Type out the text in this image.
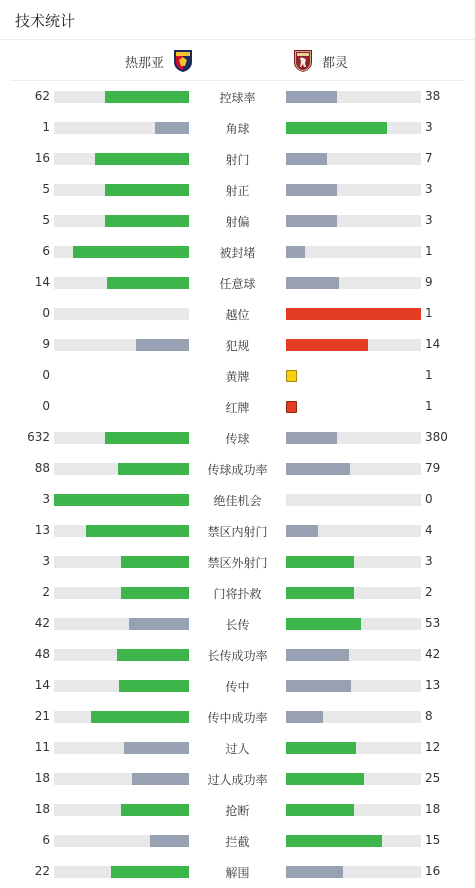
技术统计
热那亚	都灵
62	控球率	38
1	角球	3
16	射门	7
5	射正	3
5	射偏	3
6	被封堵	1
14	任意球	9
0	越位	1
9	犯规	14
0	黄牌	1
0	红牌	1
632	传球	380
88	传球成功率	79
3	绝佳机会	0
13	禁区内射门	4
3	禁区外射门	3
2	门将扑救	2
42	长传	53
48	长传成功率	42
14	传中	13
21	传中成功率	8
11	过人	12
18	过人成功率	25
18	抢断	18
6	拦截	15
22	解围	16
